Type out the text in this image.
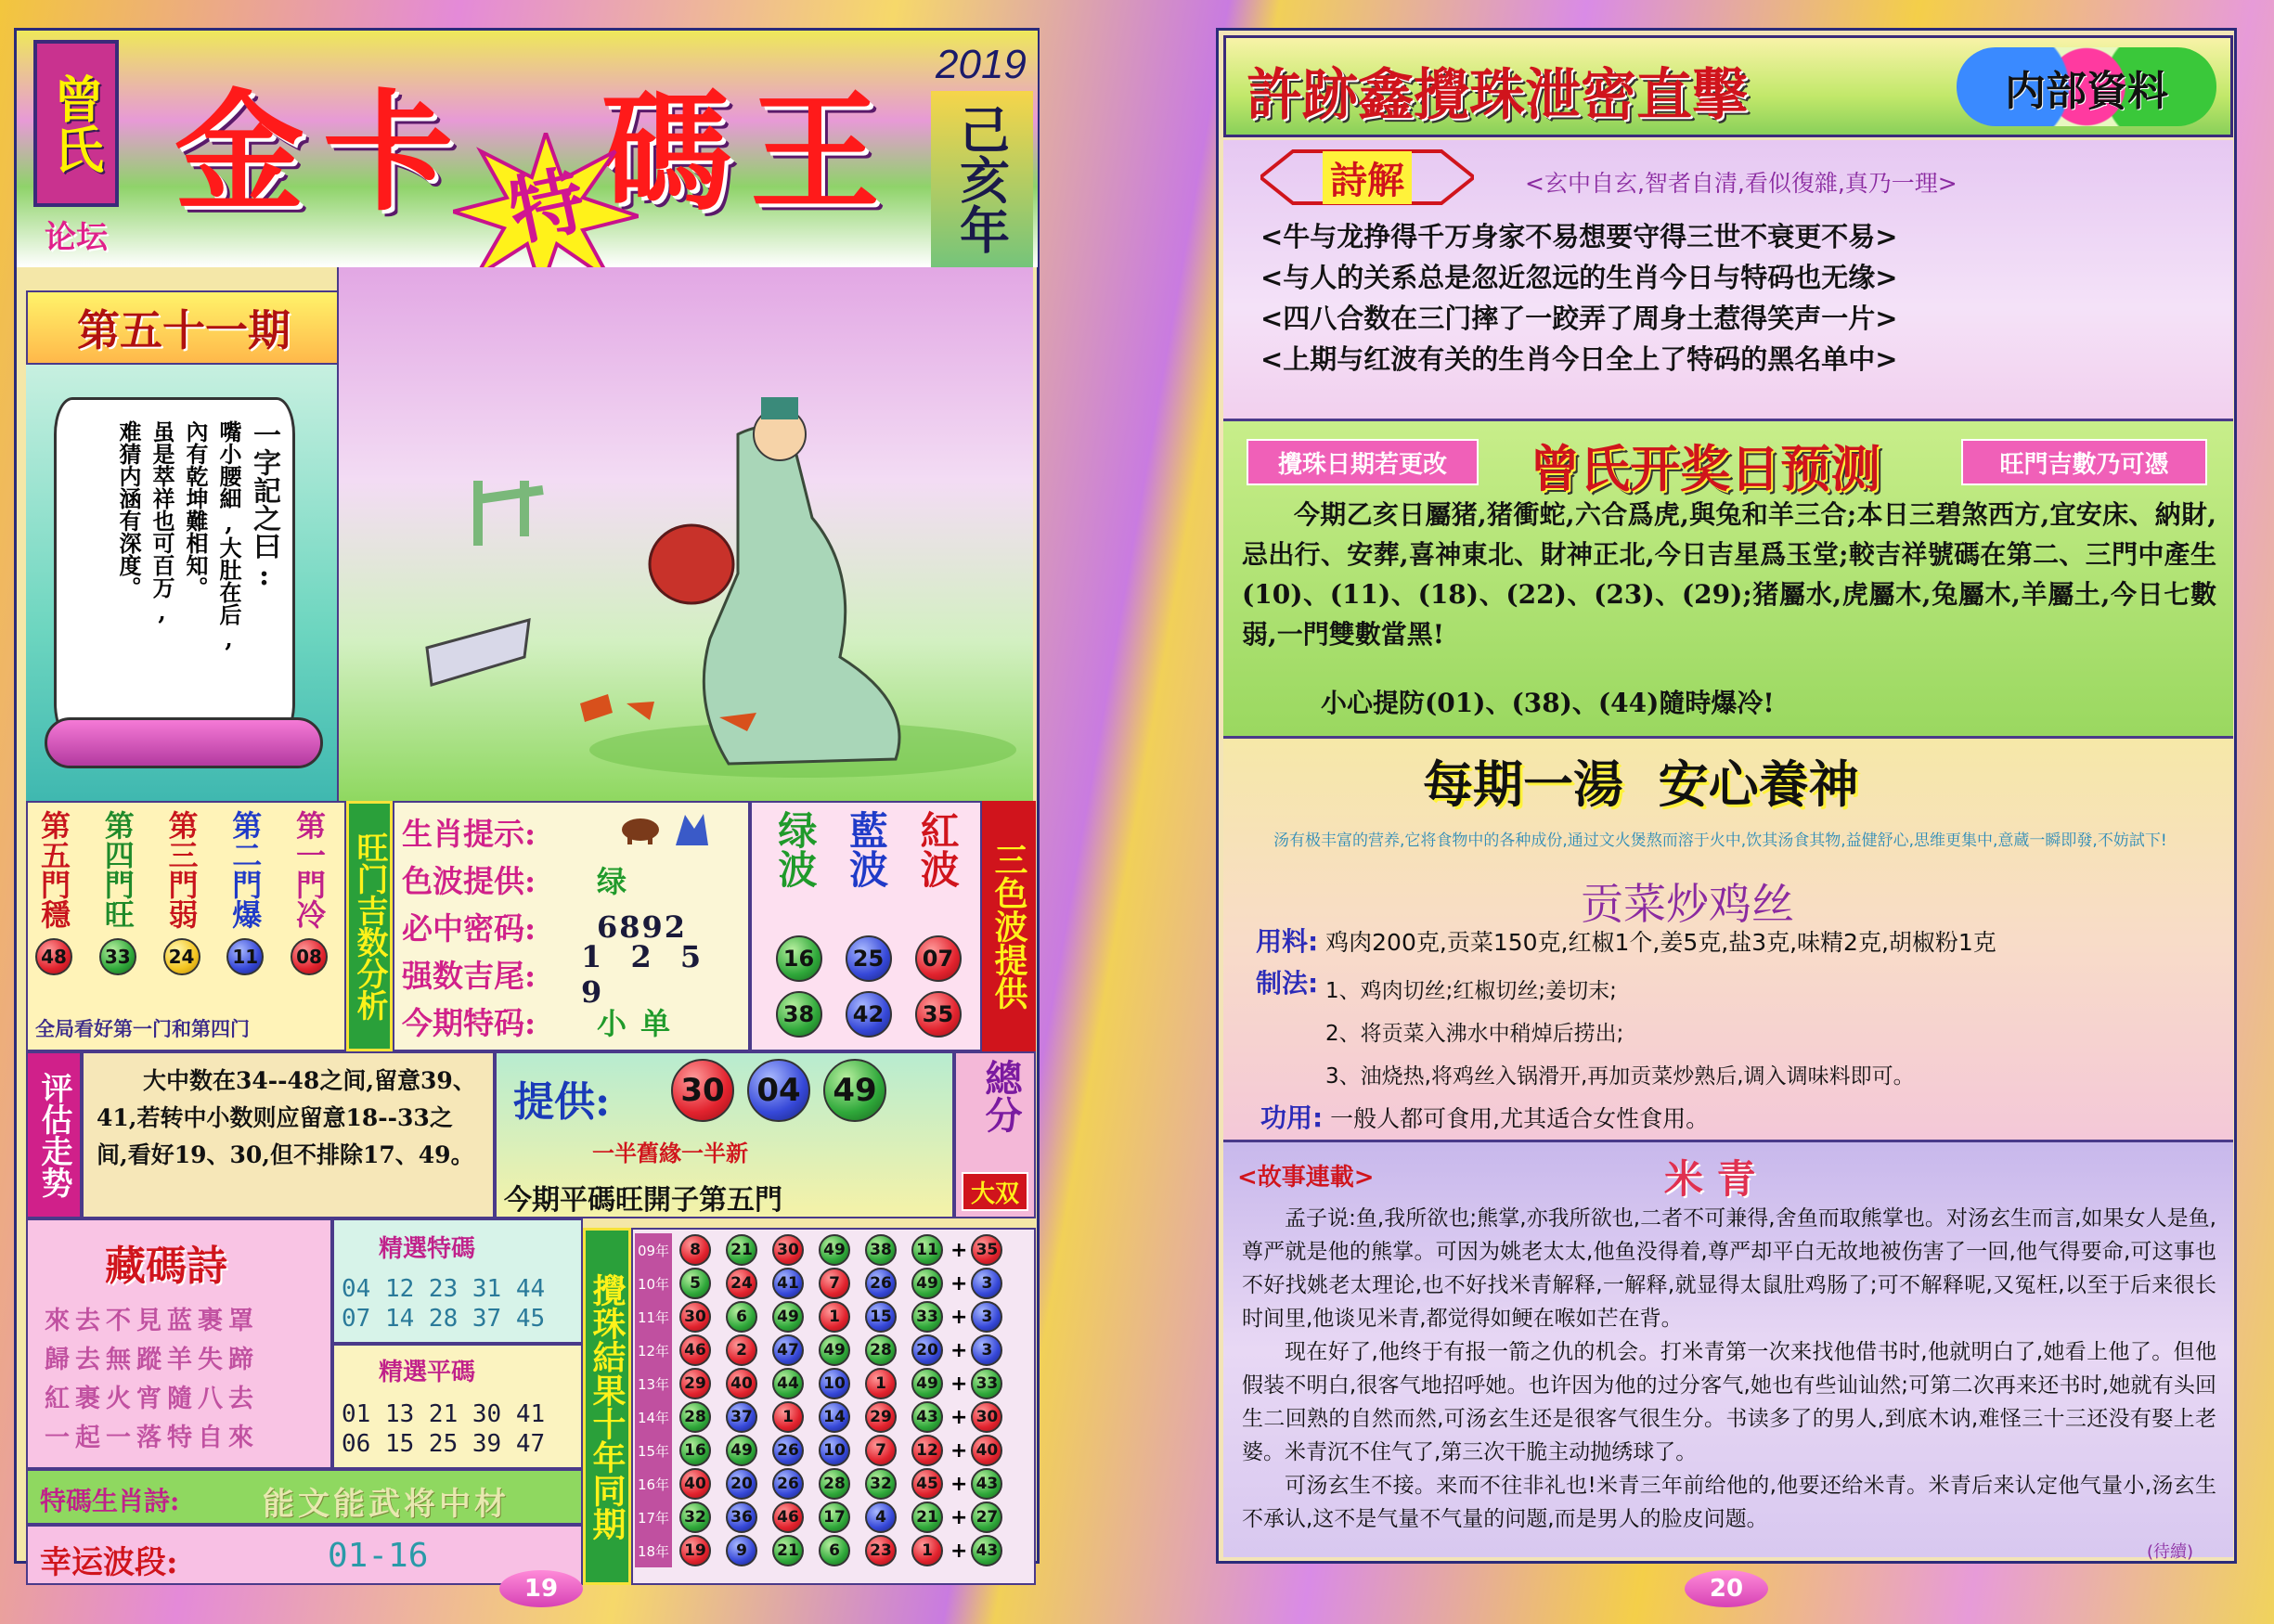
曾氏
论坛
金卡 碼王
特
2019
己亥年
第五十一期
一字記之曰:
嘴小腰細,大肚在后,
內有乾坤難相知。
虽是萃祥也可百万,
难猜内涵有深度。
第五門穩
48
第四門旺
33
第三門弱
24
第二門爆
11
第一門冷
08
全局看好第一门和第四门
旺门吉数分析 生肖提示:
色波提供:	绿
必中密码:	6892
强数吉尾:
1 2 5 9
今期特码:	小 单
绿波 藍波 紅波
16	25	07
38	42	35
三色波提供
评估走势	大中数在34--48之间,留意39、41,若转中小数则应留意18--33之间,看好19、30,但不排除17、49。
提供:	30	04	49
一半舊緣一半新
今期平碼旺開子第五門
總分
大双
藏碼詩
來去不見蓝裹罩
歸去無蹤羊失蹄
紅裹火宵隨八去
一起一落特自來
精選特碼
04 12 23 31 44
07 14 28 37 45
精選平碼
01 13 21 30 41
06 15 25 39 47 攪珠結果十年同期
09年	8	21	30	49	38	11	+	35
10年	5	24	41	7	26	49	+	3
11年	30	6	49	1	15	33	+	3
12年	46	2	47	49	28	20	+	3
13年	29	40	44	10	1	49	+	33
14年	28	37	1	14	29	43	+	30
15年	16	49	26	10	7	12	+	40
16年	40	20	26	28	32	45	+	43
17年	32	36	46	17	4	21	+	27
18年	19	9	21	6	23	1	+	43
特碼生肖詩:	能文能武将中材
幸运波段:	01-16
19
許跡鑫攪珠泄密直擊	内部資料
詩解	<玄中自玄,智者自清,看似復雜,真乃一理>
<牛与龙挣得千万身家不易想要守得三世不衰更不易>
<与人的关系总是忽近忽远的生肖今日与特码也无缘>
<四八合数在三门摔了一跤弄了周身土惹得笑声一片>
<上期与红波有关的生肖今日全上了特码的黑名单中>
攪珠日期若更改	曾氏开奖日预测	旺門吉數乃可憑
今期乙亥日屬猪,猪衝蛇,六合爲虎,與兔和羊三合;本日三碧煞西方,宜安床、納財,忌出行、安葬,喜神東北、財神正北,今日吉星爲玉堂;較吉祥號碼在第二、三門中產生(10)、(11)、(18)、(22)、(23)、(29);猪屬水,虎屬木,兔屬木,羊屬土,今日七數弱,一門雙數當黑!
小心提防(01)、(38)、(44)隨時爆冷!
每期一湯  安心養神
汤有极丰富的营养,它将食物中的各种成份,通过文火煲熬而溶于火中,饮其汤食其物,益健舒心,思维更集中,意蔵一瞬即發,不妨試下!
贡菜炒鸡丝
用料: 鸡肉200克,贡菜150克,红椒1个,姜5克,盐3克,味精2克,胡椒粉1克
制法: 1、鸡肉切丝;红椒切丝;姜切末;
2、将贡菜入沸水中稍焯后捞出;
3、油烧热,将鸡丝入锅滑开,再加贡菜炒熟后,调入调味料即可。
功用: 一般人都可食用,尤其适合女性食用。
<故事連載>	米 青

孟子说:鱼,我所欲也;熊掌,亦我所欲也,二者不可兼得,舍鱼而取熊掌也。对汤玄生而言,如果女人是鱼,尊严就是他的熊掌。可因为姚老太太,他鱼没得着,尊严却平白无故地被伤害了一回,他气得要命,可这事也不好找姚老太理论,也不好找米青解释,一解释,就显得太鼠肚鸡肠了;可不解释呢,又冤枉,以至于后来很长时间里,他谈见米青,都觉得如鲠在喉如芒在背。

现在好了,他终于有报一箭之仇的机会。打米青第一次来找他借书时,他就明白了,她看上他了。但他假装不明白,很客气地招呼她。也许因为他的过分客气,她也有些讪讪然;可第二次再来还书时,她就有头回生二回熟的自然而然,可汤玄生还是很客气很生分。书读多了的男人,到底木讷,难怪三十三还没有娶上老婆。米青沉不住气了,第三次干脆主动抛绣球了。

可汤玄生不接。来而不往非礼也!米青三年前给他的,他要还给米青。米青后来认定他气量小,汤玄生不承认,这不是气量不气量的问题,而是男人的脸皮问题。

(待續)
20
